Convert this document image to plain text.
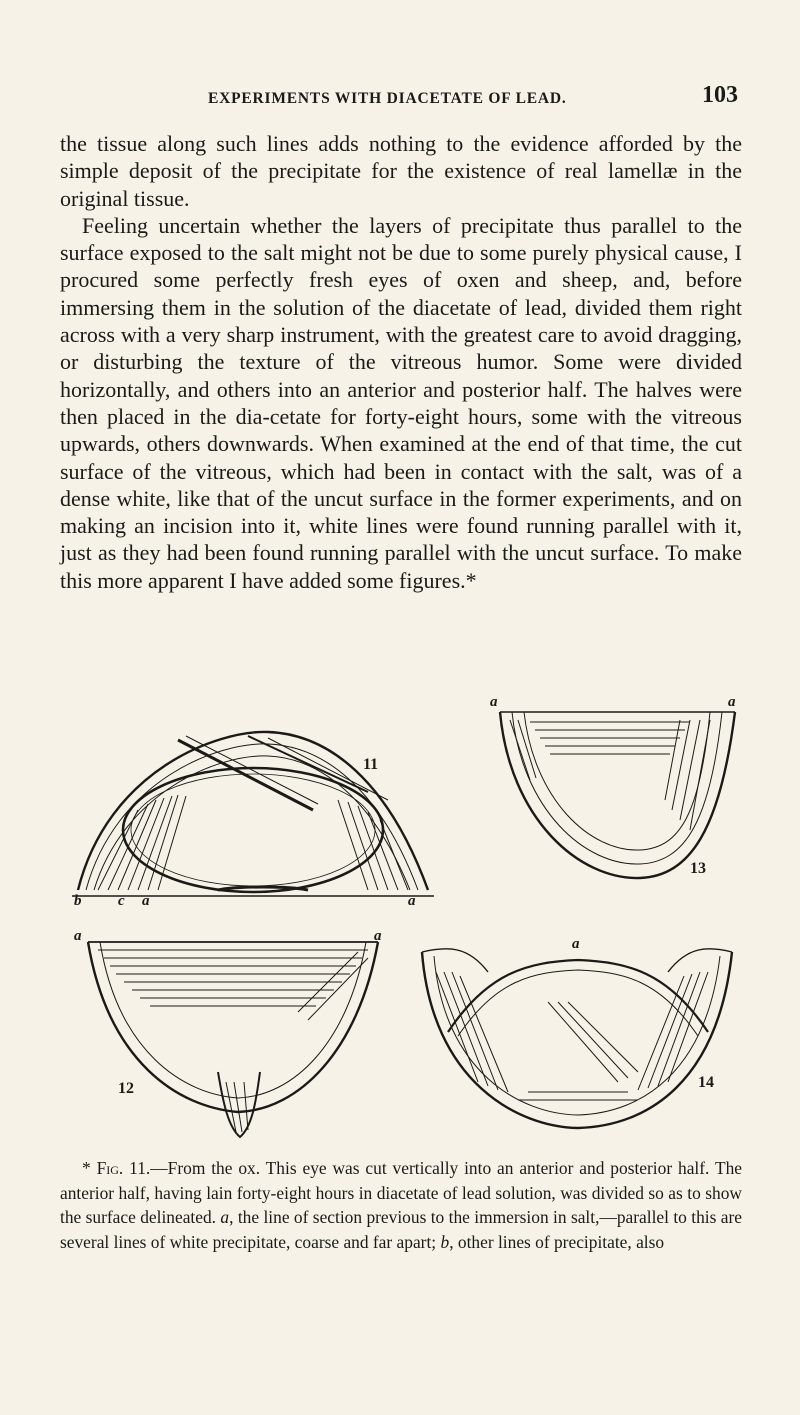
EXPERIMENTS WITH DIACETATE OF LEAD.	103

the tissue along such lines adds nothing to the evidence afforded by the simple deposit of the precipitate for the existence of real lamellæ in the original tissue.

Feeling uncertain whether the layers of precipitate thus parallel to the surface exposed to the salt might not be due to some purely physical cause, I procured some perfectly fresh eyes of oxen and sheep, and, before immersing them in the solution of the diacetate of lead, divided them right across with a very sharp instrument, with the greatest care to avoid dragging, or disturbing the texture of the vitreous humor. Some were divided horizontally, and others into an anterior and posterior half. The halves were then placed in the dia-cetate for forty-eight hours, some with the vitreous upwards, others downwards. When examined at the end of that time, the cut surface of the vitreous, which had been in contact with the salt, was of a dense white, like that of the uncut surface in the former experiments, and on making an incision into it, white lines were found running parallel with it, just as they had been found running parallel with the uncut surface. To make this more apparent I have added some figures.*

11
b c a	a
13
a	a
12
a	a
14
a

* Fig. 11.—From the ox. This eye was cut vertically into an anterior and posterior half. The anterior half, having lain forty-eight hours in diacetate of lead solution, was divided so as to show the surface delineated. a, the line of section previous to the immersion in salt,—parallel to this are several lines of white precipitate, coarse and far apart; b, other lines of precipitate, also
